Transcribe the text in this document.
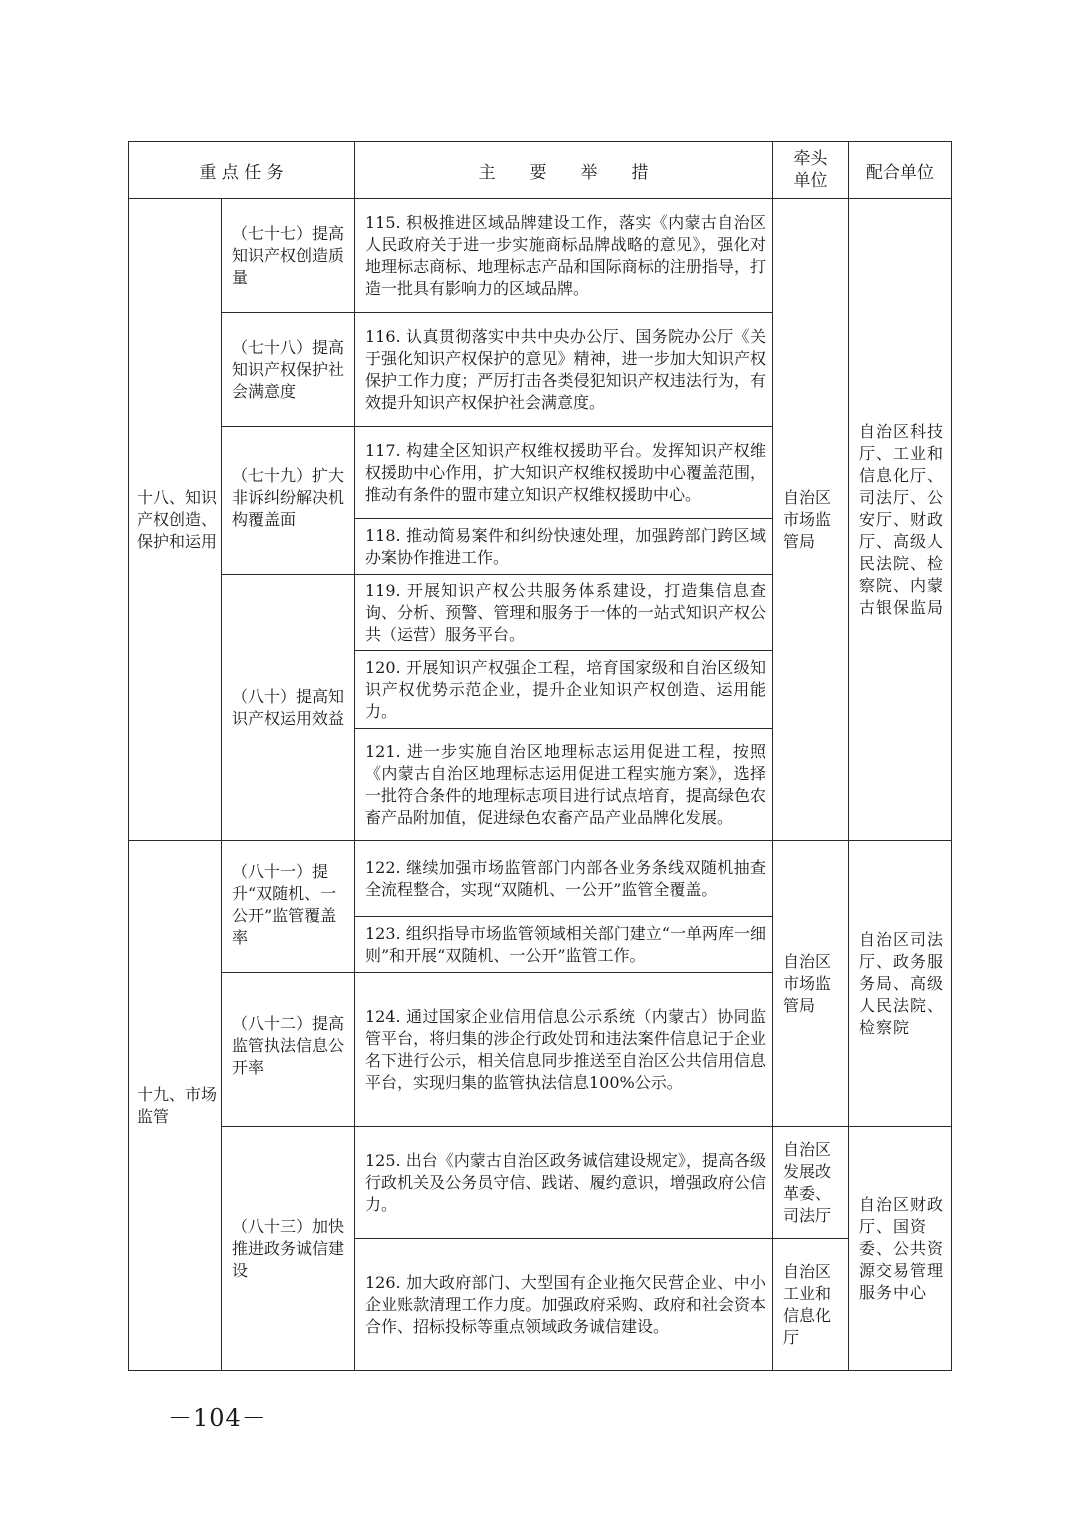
重 点 任 务		主　　要　　举　　措	牵头单位	配合单位

十八、知识产权创造、保护和运用	（七十七）提高知识产权创造质量	115. 积极推进区域品牌建设工作，落实《内蒙古自治区人民政府关于进一步实施商标品牌战略的意见》，强化对地理标志商标、地理标志产品和国际商标的注册指导，打造一批具有影响力的区域品牌。	自治区市场监管局	自治区科技厅、工业和信息化厅、司法厅、公安厅、财政厅、高级人民法院、检察院、内蒙古银保监局

	（七十八）提高知识产权保护社会满意度	116. 认真贯彻落实中共中央办公厅、国务院办公厅《关于强化知识产权保护的意见》精神，进一步加大知识产权保护工作力度；严厉打击各类侵犯知识产权违法行为，有效提升知识产权保护社会满意度。		

	（七十九）扩大非诉纠纷解决机构覆盖面	117. 构建全区知识产权维权援助平台。发挥知识产权维权援助中心作用，扩大知识产权维权援助中心覆盖范围，推动有条件的盟市建立知识产权维权援助中心。		

		118. 推动简易案件和纠纷快速处理，加强跨部门跨区域办案协作推进工作。		

	（八十）提高知识产权运用效益	119. 开展知识产权公共服务体系建设，打造集信息查询、分析、预警、管理和服务于一体的一站式知识产权公共（运营）服务平台。		

		120. 开展知识产权强企工程，培育国家级和自治区级知识产权优势示范企业，提升企业知识产权创造、运用能力。		

		121. 进一步实施自治区地理标志运用促进工程，按照《内蒙古自治区地理标志运用促进工程实施方案》，选择一批符合条件的地理标志项目进行试点培育，提高绿色农畜产品附加值，促进绿色农畜产品产业品牌化发展。		

十九、市场监管	（八十一）提升“双随机、一公开”监管覆盖率	122. 继续加强市场监管部门内部各业务条线双随机抽查全流程整合，实现“双随机、一公开”监管全覆盖。	自治区市场监管局	自治区司法厅、政务服务局、高级人民法院、检察院

		123. 组织指导市场监管领域相关部门建立“一单两库一细则”和开展“双随机、一公开”监管工作。		

	（八十二）提高监管执法信息公开率	124. 通过国家企业信用信息公示系统（内蒙古）协同监管平台，将归集的涉企行政处罚和违法案件信息记于企业名下进行公示，相关信息同步推送至自治区公共信用信息平台，实现归集的监管执法信息100%公示。		

	（八十三）加快推进政务诚信建设	125. 出台《内蒙古自治区政务诚信建设规定》，提高各级行政机关及公务员守信、践诺、履约意识，增强政府公信力。	自治区发展改革委、司法厅	自治区财政厅、国资委、公共资源交易管理服务中心

		126. 加大政府部门、大型国有企业拖欠民营企业、中小企业账款清理工作力度。加强政府采购、政府和社会资本合作、招标投标等重点领域政务诚信建设。	自治区工业和信息化厅	
－104－
